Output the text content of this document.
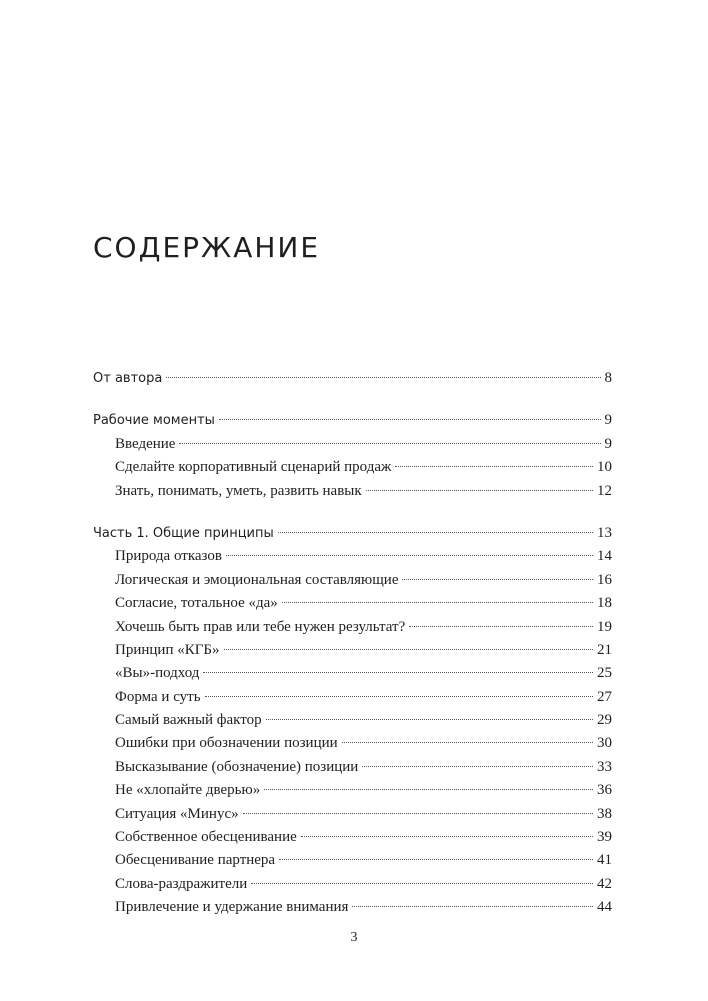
СОДЕРЖАНИЕ
От автора	8
Рабочие моменты	9
Введение	9
Сделайте корпоративный сценарий продаж	10
Знать, понимать, уметь, развить навык	12
Часть 1. Общие принципы	13
Природа отказов	14
Логическая и эмоциональная составляющие	16
Согласие, тотальное «да»	18
Хочешь быть прав или тебе нужен результат?	19
Принцип «КГБ»	21
«Вы»-подход	25
Форма и суть	27
Самый важный фактор	29
Ошибки при обозначении позиции	30
Высказывание (обозначение) позиции	33
Не «хлопайте дверью»	36
Ситуация «Минус»	38
Собственное обесценивание	39
Обесценивание партнера	41
Слова-раздражители	42
Привлечение и удержание внимания	44
3
